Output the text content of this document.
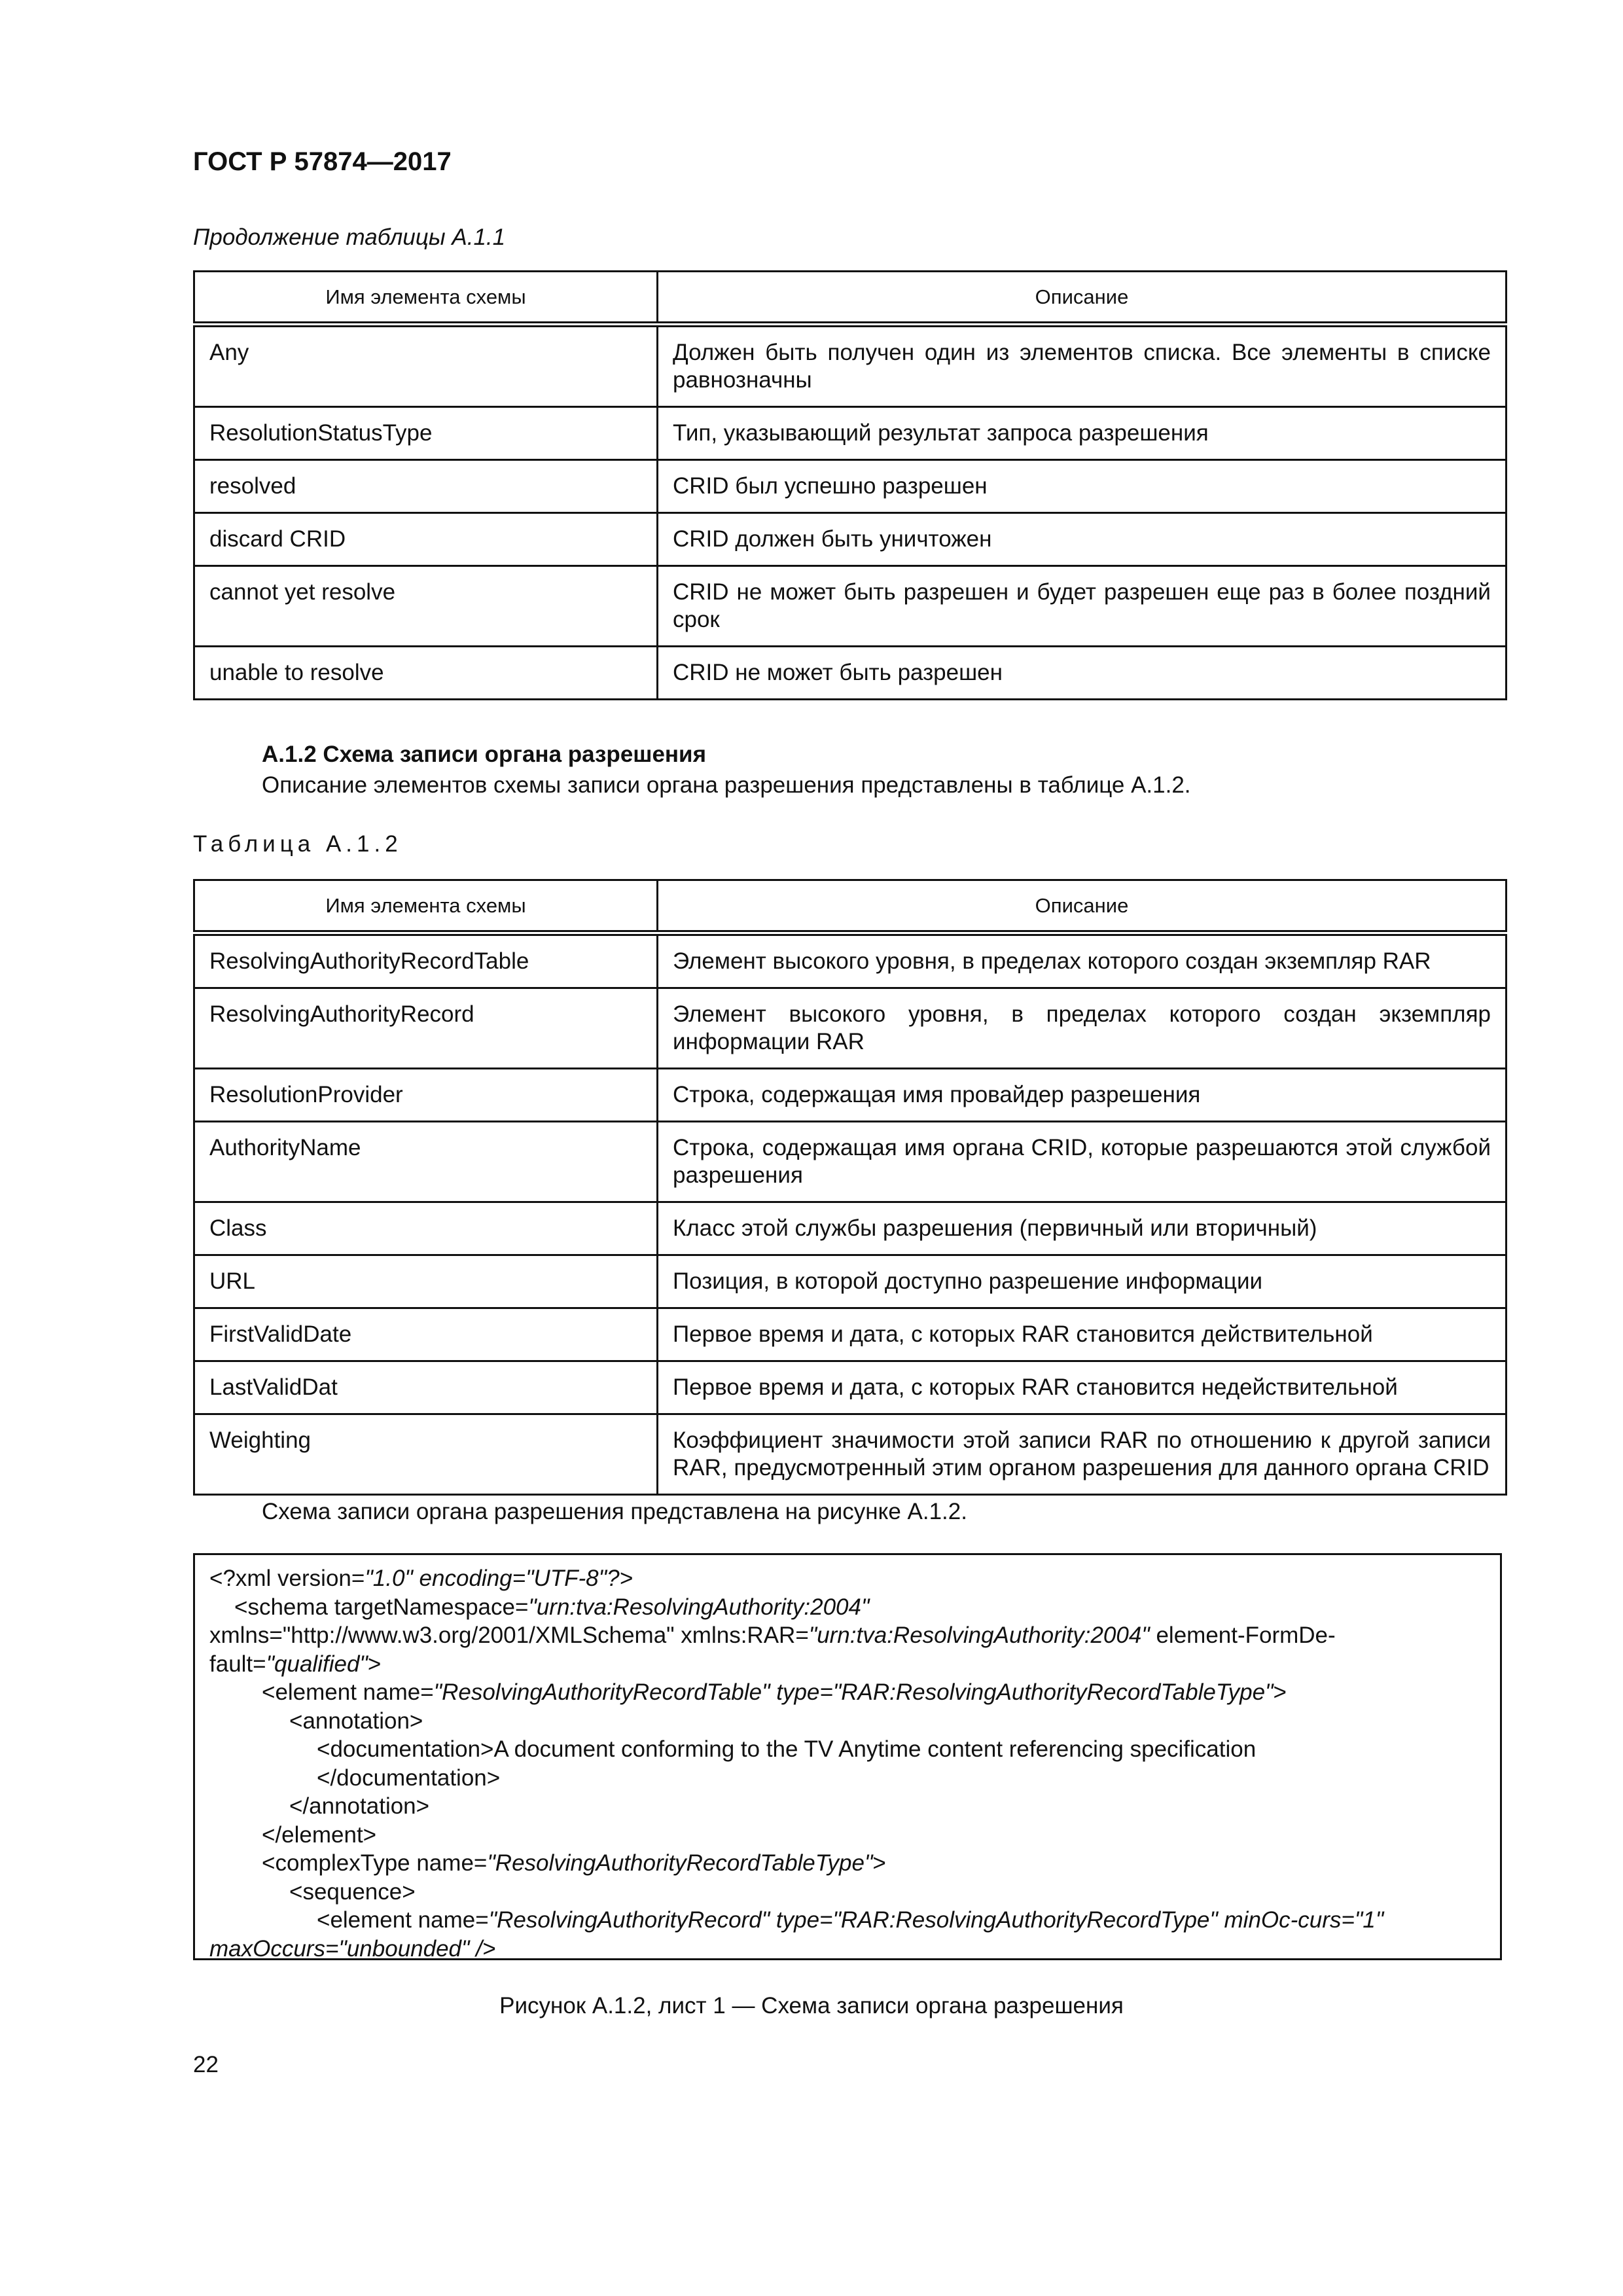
ГОСТ Р 57874—2017
Продолжение таблицы А.1.1
Имя элемента схемы	Описание
Any	Должен быть получен один из элементов списка. Все элементы в списке равнозначны
ResolutionStatusType	Тип, указывающий результат запроса разрешения
resolved	CRID был успешно разрешен
discard CRID	CRID должен быть уничтожен
cannot yet resolve	CRID не может быть разрешен и будет разрешен еще раз в более поздний срок
unable to resolve	CRID не может быть разрешен
А.1.2 Схема записи органа разрешения
Описание элементов схемы записи органа разрешения представлены в таблице А.1.2.
Таблица А.1.2
Имя элемента схемы	Описание
ResolvingAuthorityRecordTable	Элемент высокого уровня, в пределах которого создан экземпляр RAR
ResolvingAuthorityRecord	Элемент высокого уровня, в пределах которого создан экземпляр информации RAR
ResolutionProvider	Строка, содержащая имя провайдер разрешения
AuthorityName	Строка, содержащая имя органа CRID, которые разрешаются этой службой разрешения
Class	Класс этой службы разрешения (первичный или вторичный)
URL	Позиция, в которой доступно разрешение информации
FirstValidDate	Первое время и дата, с которых RAR становится действительной
LastValidDat	Первое время и дата, с которых RAR становится недействительной
Weighting	Коэффициент значимости этой записи RAR по отношению к другой записи RAR, предусмотренный этим органом разрешения для данного органа CRID
Схема записи органа разрешения представлена на рисунке А.1.2.
<?xml version="1.0" encoding="UTF-8"?>
<schema targetNamespace="urn:tva:ResolvingAuthority:2004"
xmlns="http://www.w3.org/2001/XMLSchema" xmlns:RAR="urn:tva:ResolvingAuthority:2004" element-FormDe-
fault="qualified">
<element name="ResolvingAuthorityRecordTable" type="RAR:ResolvingAuthorityRecordTableType">
<annotation>
<documentation>A document conforming to the TV Anytime content referencing specification
</documentation>
</annotation>
</element>
<complexType name="ResolvingAuthorityRecordTableType">
<sequence>
<element name="ResolvingAuthorityRecord" type="RAR:ResolvingAuthorityRecordType" minOc-curs="1"
maxOccurs="unbounded" />
Рисунок А.1.2, лист 1 — Схема записи органа разрешения
22
